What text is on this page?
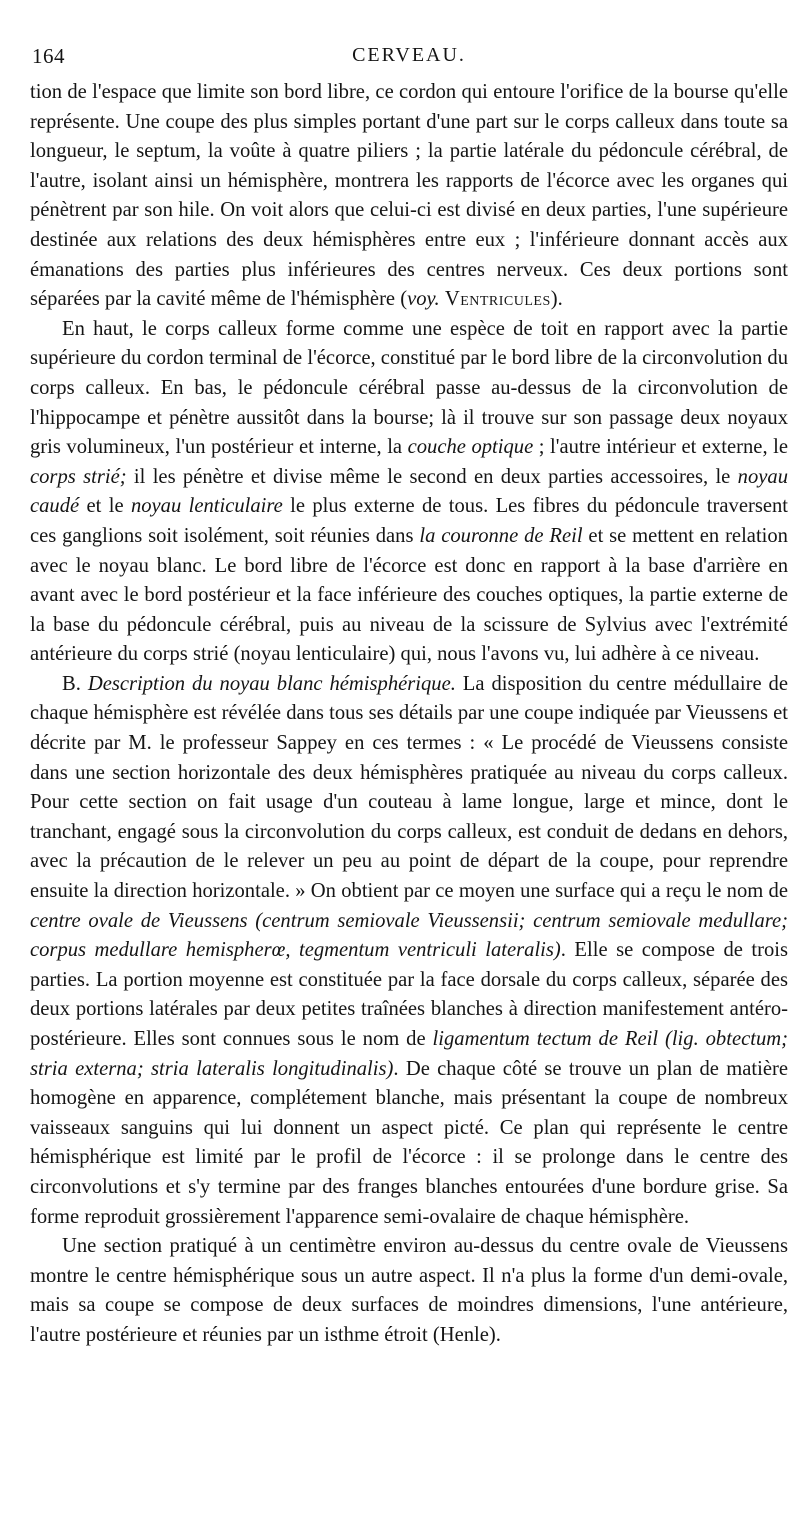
164	CERVEAU.

tion de l'espace que limite son bord libre, ce cordon qui entoure l'orifice de la bourse qu'elle représente. Une coupe des plus simples portant d'une part sur le corps calleux dans toute sa longueur, le septum, la voûte à quatre piliers ; la partie latérale du pédoncule cérébral, de l'autre, isolant ainsi un hémisphère, montrera les rapports de l'écorce avec les organes qui pénètrent par son hile. On voit alors que celui-ci est divisé en deux parties, l'une supérieure destinée aux relations des deux hémisphères entre eux ; l'inférieure donnant accès aux émanations des parties plus inférieures des centres nerveux. Ces deux portions sont séparées par la cavité même de l'hémisphère (voy. Ventricules).

En haut, le corps calleux forme comme une espèce de toit en rapport avec la partie supérieure du cordon terminal de l'écorce, constitué par le bord libre de la circonvolution du corps calleux. En bas, le pédoncule cérébral passe au-dessus de la circonvolution de l'hippocampe et pénètre aussitôt dans la bourse; là il trouve sur son passage deux noyaux gris volumineux, l'un postérieur et interne, la couche optique ; l'autre intérieur et externe, le corps strié; il les pénètre et divise même le second en deux parties accessoires, le noyau caudé et le noyau lenticulaire le plus externe de tous. Les fibres du pédoncule traversent ces ganglions soit isolément, soit réunies dans la couronne de Reil et se mettent en relation avec le noyau blanc. Le bord libre de l'écorce est donc en rapport à la base d'arrière en avant avec le bord postérieur et la face inférieure des couches optiques, la partie externe de la base du pédoncule cérébral, puis au niveau de la scissure de Sylvius avec l'extrémité antérieure du corps strié (noyau lenticulaire) qui, nous l'avons vu, lui adhère à ce niveau.

B. Description du noyau blanc hémisphérique. La disposition du centre médullaire de chaque hémisphère est révélée dans tous ses détails par une coupe indiquée par Vieussens et décrite par M. le professeur Sappey en ces termes : « Le procédé de Vieussens consiste dans une section horizontale des deux hémisphères pratiquée au niveau du corps calleux. Pour cette section on fait usage d'un couteau à lame longue, large et mince, dont le tranchant, engagé sous la circonvolution du corps calleux, est conduit de dedans en dehors, avec la précaution de le relever un peu au point de départ de la coupe, pour reprendre ensuite la direction horizontale. » On obtient par ce moyen une surface qui a reçu le nom de centre ovale de Vieussens (centrum semiovale Vieussensii; centrum semiovale medullare; corpus medullare hemispherœ, tegmentum ventriculi lateralis). Elle se compose de trois parties. La portion moyenne est constituée par la face dorsale du corps calleux, séparée des deux portions latérales par deux petites traînées blanches à direction manifestement antéro-postérieure. Elles sont connues sous le nom de ligamentum tectum de Reil (lig. obtectum; stria externa; stria lateralis longitudinalis). De chaque côté se trouve un plan de matière homogène en apparence, complétement blanche, mais présentant la coupe de nombreux vaisseaux sanguins qui lui donnent un aspect picté. Ce plan qui représente le centre hémisphérique est limité par le profil de l'écorce : il se prolonge dans le centre des circonvolutions et s'y termine par des franges blanches entourées d'une bordure grise. Sa forme reproduit grossièrement l'apparence semi-ovalaire de chaque hémisphère.

Une section pratiqué à un centimètre environ au-dessus du centre ovale de Vieussens montre le centre hémisphérique sous un autre aspect. Il n'a plus la forme d'un demi-ovale, mais sa coupe se compose de deux surfaces de moindres dimensions, l'une antérieure, l'autre postérieure et réunies par un isthme étroit (Henle).
